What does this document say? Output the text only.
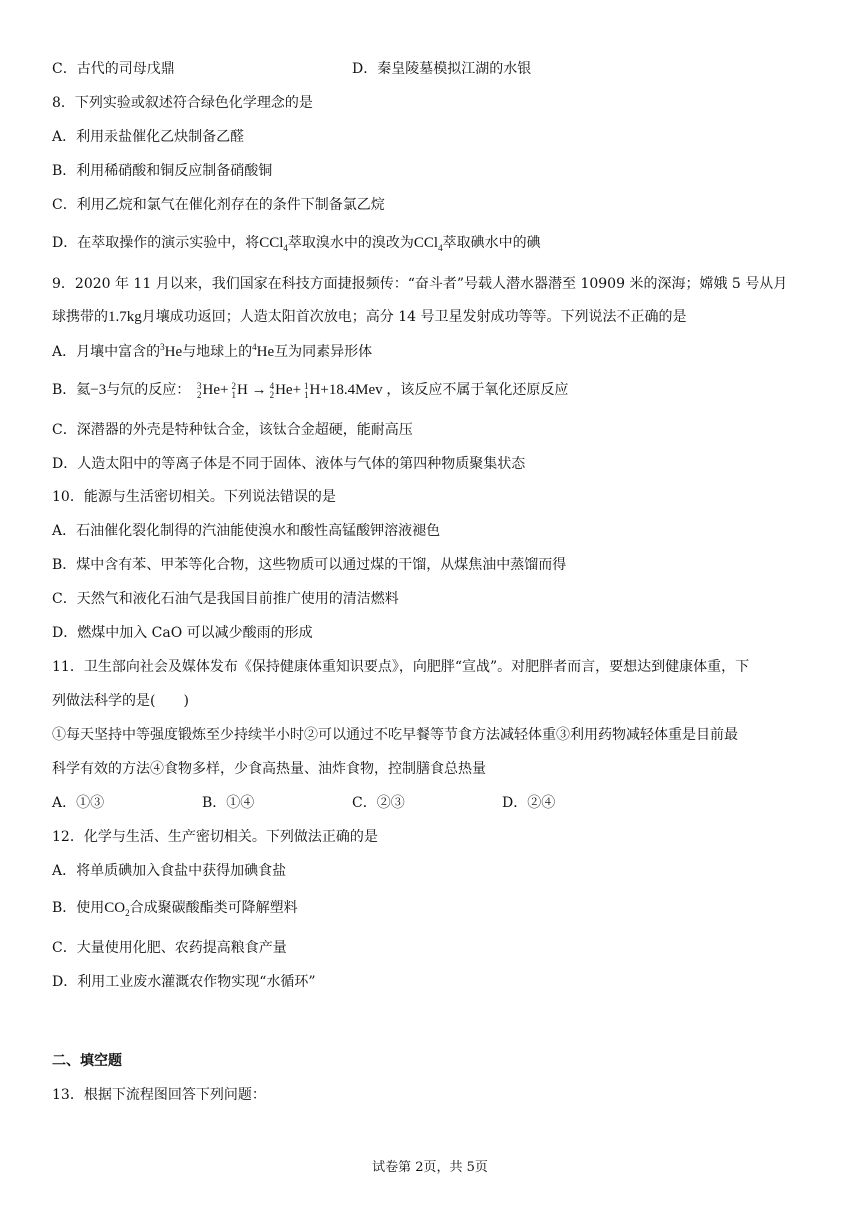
C．古代的司母戊鼎	D．秦皇陵墓模拟江湖的水银
8．下列实验或叙述符合绿色化学理念的是
A．利用汞盐催化乙炔制备乙醛
B．利用稀硝酸和铜反应制备硝酸铜
C．利用乙烷和氯气在催化剂存在的条件下制备氯乙烷
D．在萃取操作的演示实验中，将CCl$_4$萃取溴水中的溴改为CCl$_4$萃取碘水中的碘
9．2020 年 11 月以来，我们国家在科技方面捷报频传：“奋斗者”号载人潜水器潜至 10909 米的深海；嫦娥 5 号从月
球携带的1.7kg月壤成功返回；人造太阳首次放电；高分 14 号卫星发射成功等等。下列说法不正确的是
A．月壤中富含的$^3$He与地球上的$^4$He互为同素异形体
B．氦−3与氘的反应： 3
2He+ 2
1H → 4
2He+ 1
1H+18.4Mev ，该反应不属于氧化还原反应
C．深潜器的外壳是特种钛合金，该钛合金超硬，能耐高压
D．人造太阳中的等离子体是不同于固体、液体与气体的第四种物质聚集状态
10．能源与生活密切相关。下列说法错误的是
A．石油催化裂化制得的汽油能使溴水和酸性高锰酸钾溶液褪色
B．煤中含有苯、甲苯等化合物，这些物质可以通过煤的干馏，从煤焦油中蒸馏而得
C．天然气和液化石油气是我国目前推广使用的清洁燃料
D．燃煤中加入 CaO 可以减少酸雨的形成
11．卫生部向社会及媒体发布《保持健康体重知识要点》，向肥胖“宣战”。对肥胖者而言，要想达到健康体重，下
列做法科学的是(　　)
①每天坚持中等强度锻炼至少持续半小时②可以通过不吃早餐等节食方法减轻体重③利用药物减轻体重是目前最
科学有效的方法④食物多样，少食高热量、油炸食物，控制膳食总热量
A．①③	B．①④	C．②③	D．②④
12．化学与生活、生产密切相关。下列做法正确的是
A．将单质碘加入食盐中获得加碘食盐
B．使用$CO_2$合成聚碳酸酯类可降解塑料
C．大量使用化肥、农药提高粮食产量
D．利用工业废水灌溉农作物实现“水循环”
二、填空题
13．根据下流程图回答下列问题：
试卷第 2页，共 5页
